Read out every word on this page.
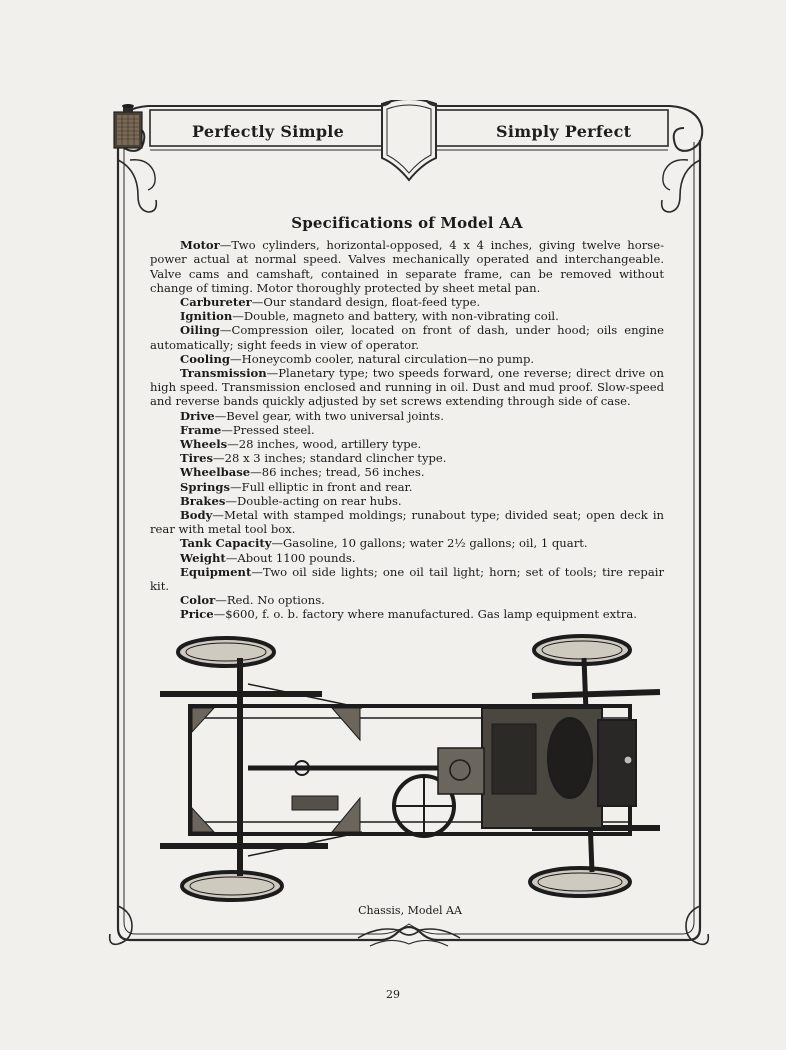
Perfectly Simple	Simply Perfect
Specifications of Model AA

Motor—Two cylinders, horizontal-opposed, 4 x 4 inches, giving twelve horse-power actual at normal speed. Valves mechanically operated and interchangeable. Valve cams and camshaft, contained in separate frame, can be removed without change of timing. Motor thoroughly protected by sheet metal pan.

Carbureter—Our standard design, float-feed type.

Ignition—Double, magneto and battery, with non-vibrating coil.

Oiling—Compression oiler, located on front of dash, under hood; oils engine automatically; sight feeds in view of operator.

Cooling—Honeycomb cooler, natural circulation—no pump.

Transmission—Planetary type; two speeds forward, one reverse; direct drive on high speed. Transmission enclosed and running in oil. Dust and mud proof. Slow-speed and reverse bands quickly adjusted by set screws extending through side of case.

Drive—Bevel gear, with two universal joints.

Frame—Pressed steel.

Wheels—28 inches, wood, artillery type.

Tires—28 x 3 inches; standard clincher type.

Wheelbase—86 inches; tread, 56 inches.

Springs—Full elliptic in front and rear.

Brakes—Double-acting on rear hubs.

Body—Metal with stamped moldings; runabout type; divided seat; open deck in rear with metal tool box.

Tank Capacity—Gasoline, 10 gallons; water 2½ gallons; oil, 1 quart.

Weight—About 1100 pounds.

Equipment—Two oil side lights; one oil tail light; horn; set of tools; tire repair kit.

Color—Red. No options.

Price—$600, f. o. b. factory where manufactured. Gas lamp equipment extra.

Chassis, Model AA
29
